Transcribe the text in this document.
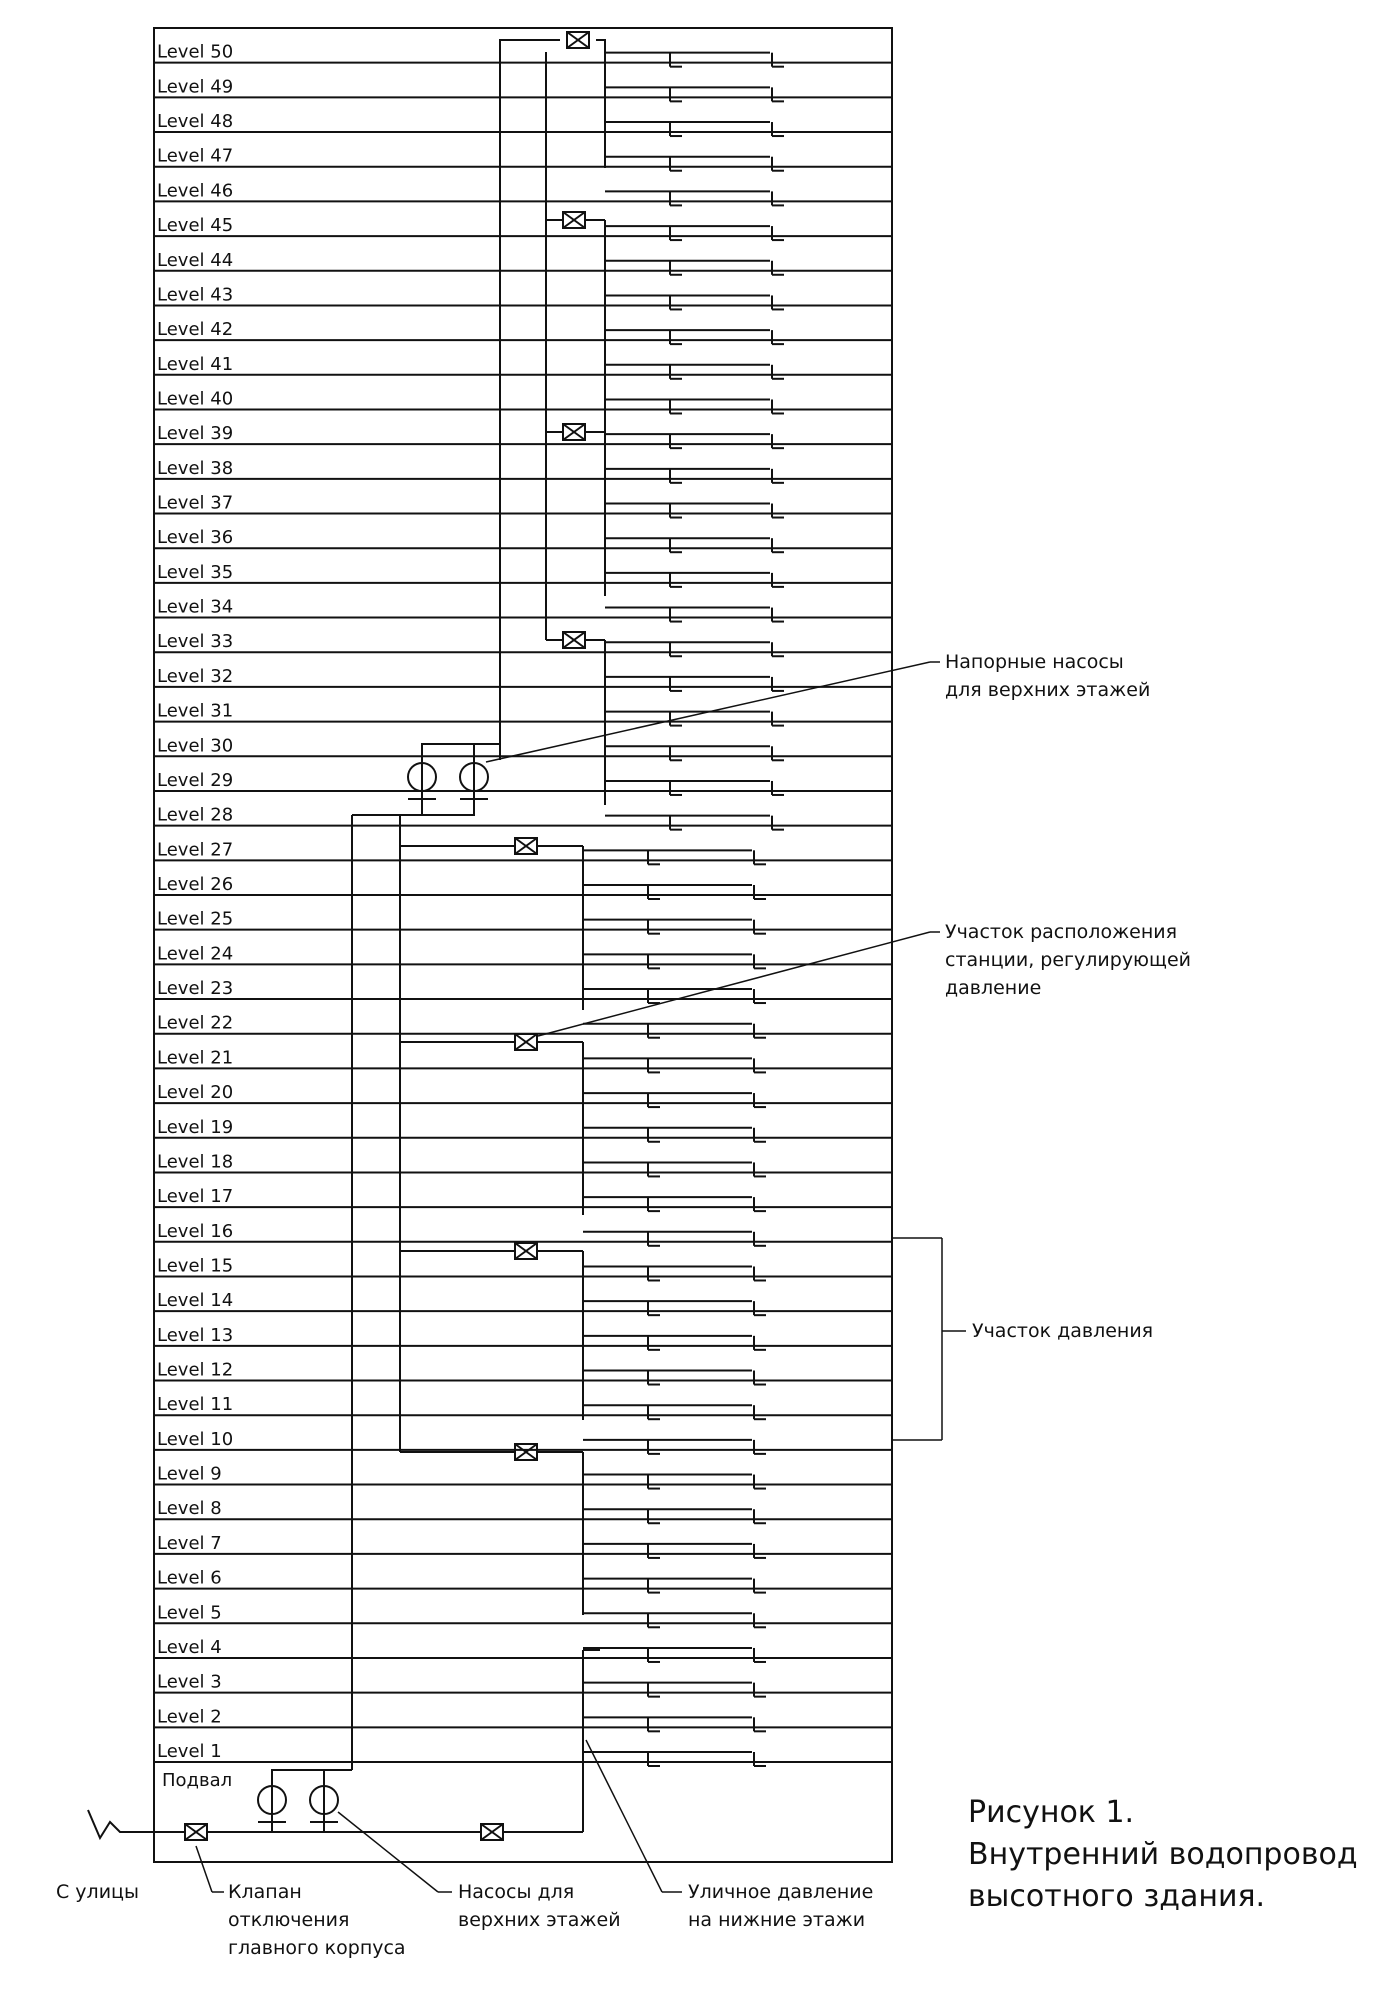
Level 50
Level 49
Level 48
Level 47
Level 46
Level 45
Level 44
Level 43
Level 42
Level 41
Level 40
Level 39
Level 38
Level 37
Level 36
Level 35
Level 34
Level 33
Level 32
Level 31
Level 30
Level 29
Level 28
Level 27
Level 26
Level 25
Level 24
Level 23
Level 22
Level 21
Level 20
Level 19
Level 18
Level 17
Level 16
Level 15
Level 14
Level 13
Level 12
Level 11
Level 10
Level 9
Level 8
Level 7
Level 6
Level 5
Level 4
Level 3
Level 2
Level 1
Подвал
Напорные насосы
для верхних этажей
Участок расположения
станции, регулирующей
давление
Участок давления
С улицы	Клапан
отключения
главного корпуса
Насосы для
верхних этажей
Уличное давление
на нижние этажи
Рисунок 1.
Внутренний водопровод
высотного здания.
